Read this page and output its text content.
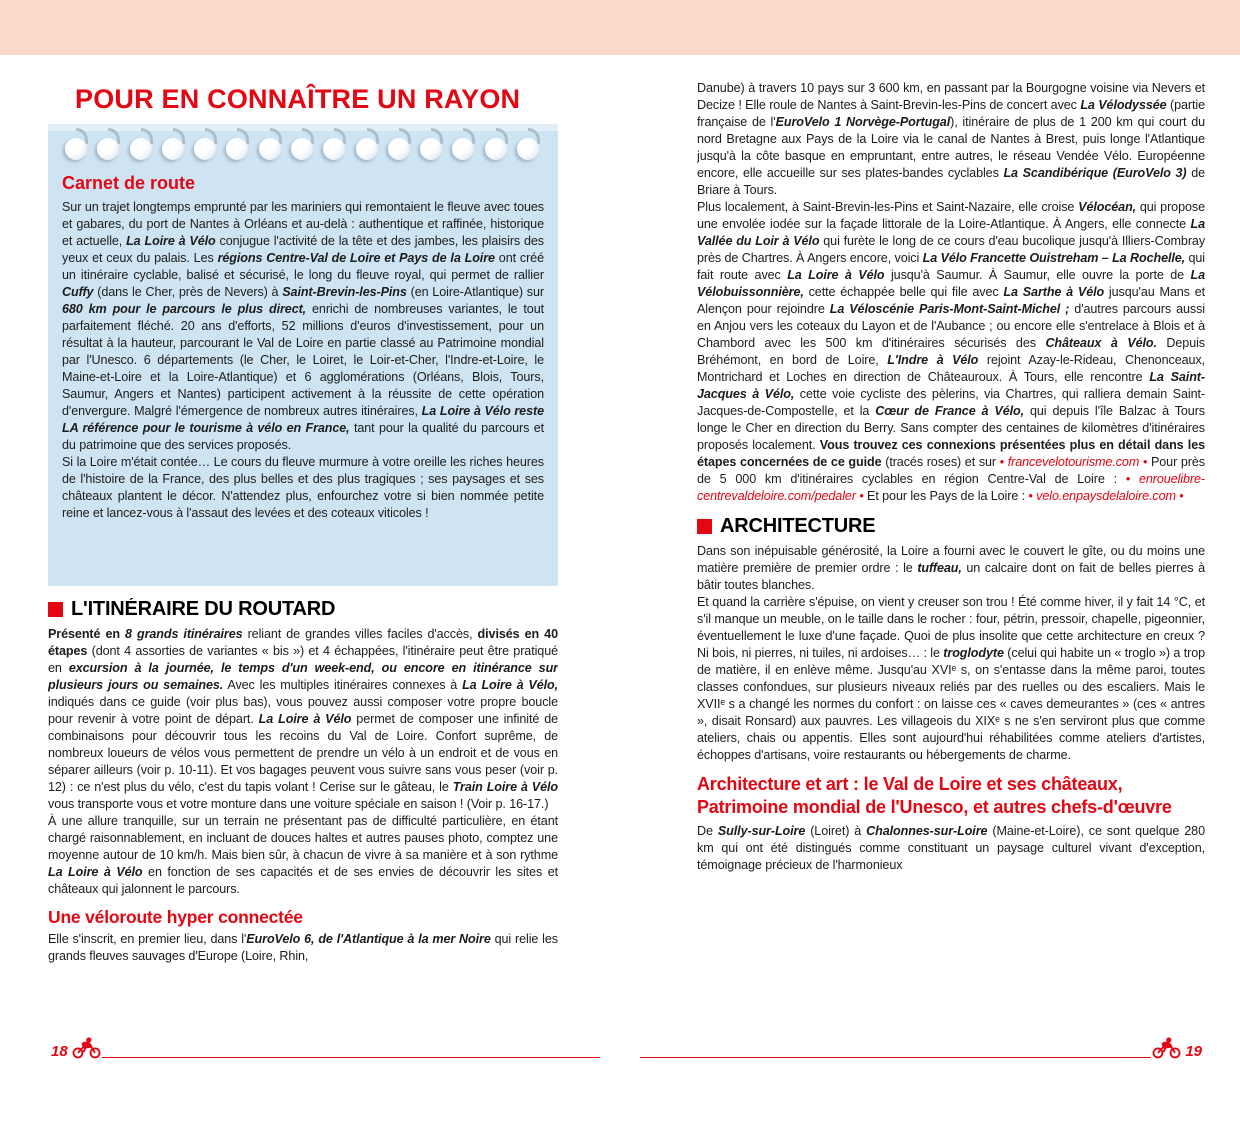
POUR EN CONNAÎTRE UN RAYON
Carnet de route

Sur un trajet longtemps emprunté par les mariniers qui remontaient le fleuve avec toues et gabares, du port de Nantes à Orléans et au-delà : authentique et raffinée, historique et actuelle, La Loire à Vélo conjugue l'activité de la tête et des jambes, les plaisirs des yeux et ceux du palais. Les régions Centre-Val de Loire et Pays de la Loire ont créé un itinéraire cyclable, balisé et sécurisé, le long du fleuve royal, qui permet de rallier Cuffy (dans le Cher, près de Nevers) à Saint-Brevin-les-Pins (en Loire-Atlantique) sur 680 km pour le parcours le plus direct, enrichi de nombreuses variantes, le tout parfaitement fléché. 20 ans d'efforts, 52 millions d'euros d'investissement, pour un résultat à la hauteur, parcourant le Val de Loire en partie classé au Patrimoine mondial par l'Unesco. 6 départements (le Cher, le Loiret, le Loir-et-Cher, l'Indre-et-Loire, le Maine-et-Loire et la Loire-Atlantique) et 6 agglomérations (Orléans, Blois, Tours, Saumur, Angers et Nantes) participent activement à la réussite de cette opération d'envergure. Malgré l'émergence de nombreux autres itinéraires, La Loire à Vélo reste LA référence pour le tourisme à vélo en France, tant pour la qualité du parcours et du patrimoine que des services proposés.

Si la Loire m'était contée… Le cours du fleuve murmure à votre oreille les riches heures de l'histoire de la France, des plus belles et des plus tragiques ; ses paysages et ses châteaux plantent le décor. N'attendez plus, enfourchez votre si bien nommée petite reine et lancez-vous à l'assaut des levées et des coteaux viticoles !

L'ITINÉRAIRE DU ROUTARD

Présenté en 8 grands itinéraires reliant de grandes villes faciles d'accès, divisés en 40 étapes (dont 4 assorties de variantes « bis ») et 4 échappées, l'itinéraire peut être pratiqué en excursion à la journée, le temps d'un week-end, ou encore en itinérance sur plusieurs jours ou semaines. Avec les multiples itinéraires connexes à La Loire à Vélo, indiqués dans ce guide (voir plus bas), vous pouvez aussi composer votre propre boucle pour revenir à votre point de départ. La Loire à Vélo permet de composer une infinité de combinaisons pour découvrir tous les recoins du Val de Loire. Confort suprême, de nombreux loueurs de vélos vous permettent de prendre un vélo à un endroit et de vous en séparer ailleurs (voir p. 10-11). Et vos bagages peuvent vous suivre sans vous peser (voir p. 12) : ce n'est plus du vélo, c'est du tapis volant ! Cerise sur le gâteau, le Train Loire à Vélo vous transporte vous et votre monture dans une voiture spéciale en saison ! (Voir p. 16-17.)

À une allure tranquille, sur un terrain ne présentant pas de difficulté particulière, en étant chargé raisonnablement, en incluant de douces haltes et autres pauses photo, comptez une moyenne autour de 10 km/h. Mais bien sûr, à chacun de vivre à sa manière et à son rythme La Loire à Vélo en fonction de ses capacités et de ses envies de découvrir les sites et châteaux qui jalonnent le parcours.

Une véloroute hyper connectée

Elle s'inscrit, en premier lieu, dans l'EuroVelo 6, de l'Atlantique à la mer Noire qui relie les grands fleuves sauvages d'Europe (Loire, Rhin,

Danube) à travers 10 pays sur 3 600 km, en passant par la Bourgogne voisine via Nevers et Decize ! Elle roule de Nantes à Saint-Brevin-les-Pins de concert avec La Vélodyssée (partie française de l'EuroVelo 1 Norvège-Portugal), itinéraire de plus de 1 200 km qui court du nord Bretagne aux Pays de la Loire via le canal de Nantes à Brest, puis longe l'Atlantique jusqu'à la côte basque en empruntant, entre autres, le réseau Vendée Vélo. Européenne encore, elle accueille sur ses plates-bandes cyclables La Scandibérique (EuroVelo 3) de Briare à Tours.

Plus localement, à Saint-Brevin-les-Pins et Saint-Nazaire, elle croise Vélocéan, qui propose une envolée iodée sur la façade littorale de la Loire-Atlantique. À Angers, elle connecte La Vallée du Loir à Vélo qui furète le long de ce cours d'eau bucolique jusqu'à Illiers-Combray près de Chartres. À Angers encore, voici La Vélo Francette Ouistreham – La Rochelle, qui fait route avec La Loire à Vélo jusqu'à Saumur. À Saumur, elle ouvre la porte de La Vélobuissonnière, cette échappée belle qui file avec La Sarthe à Vélo jusqu'au Mans et Alençon pour rejoindre La Véloscénie Paris-Mont-Saint-Michel ; d'autres parcours aussi en Anjou vers les coteaux du Layon et de l'Aubance ; ou encore elle s'entrelace à Blois et à Chambord avec les 500 km d'itinéraires sécurisés des Châteaux à Vélo. Depuis Bréhémont, en bord de Loire, L'Indre à Vélo rejoint Azay-le-Rideau, Chenonceaux, Montrichard et Loches en direction de Châteauroux. À Tours, elle rencontre La Saint-Jacques à Vélo, cette voie cycliste des pèlerins, via Chartres, qui ralliera demain Saint-Jacques-de-Compostelle, et la Cœur de France à Vélo, qui depuis l'île Balzac à Tours longe le Cher en direction du Berry. Sans compter des centaines de kilomètres d'itinéraires proposés localement. Vous trouvez ces connexions présentées plus en détail dans les étapes concernées de ce guide (tracés roses) et sur • francevelotourisme.com • Pour près de 5 000 km d'itinéraires cyclables en région Centre-Val de Loire : • enrouelibre-centrevaldeloire.com/pedaler • Et pour les Pays de la Loire : • velo.enpaysdelaloire.com •

ARCHITECTURE

Dans son inépuisable générosité, la Loire a fourni avec le couvert le gîte, ou du moins une matière première de premier ordre : le tuffeau, un calcaire dont on fait de belles pierres à bâtir toutes blanches.

Et quand la carrière s'épuise, on vient y creuser son trou ! Été comme hiver, il y fait 14 °C, et s'il manque un meuble, on le taille dans le rocher : four, pétrin, pressoir, chapelle, pigeonnier, éventuellement le luxe d'une façade. Quoi de plus insolite que cette architecture en creux ? Ni bois, ni pierres, ni tuiles, ni ardoises… : le troglodyte (celui qui habite un « troglo ») a trop de matière, il en enlève même. Jusqu'au XVIᵉ s, on s'entasse dans la même paroi, toutes classes confondues, sur plusieurs niveaux reliés par des ruelles ou des escaliers. Mais le XVIIᵉ s a changé les normes du confort : on laisse ces « caves demeurantes » (ces « antres », disait Ronsard) aux pauvres. Les villageois du XIXᵉ s ne s'en serviront plus que comme ateliers, chais ou appentis. Elles sont aujourd'hui réhabilitées comme ateliers d'artistes, échoppes d'artisans, voire restaurants ou hébergements de charme.

Architecture et art : le Val de Loire et ses châteaux, Patrimoine mondial de l'Unesco, et autres chefs-d'œuvre

De Sully-sur-Loire (Loiret) à Chalonnes-sur-Loire (Maine-et-Loire), ce sont quelque 280 km qui ont été distingués comme constituant un paysage culturel vivant d'exception, témoignage précieux de l'harmonieux

18	19
